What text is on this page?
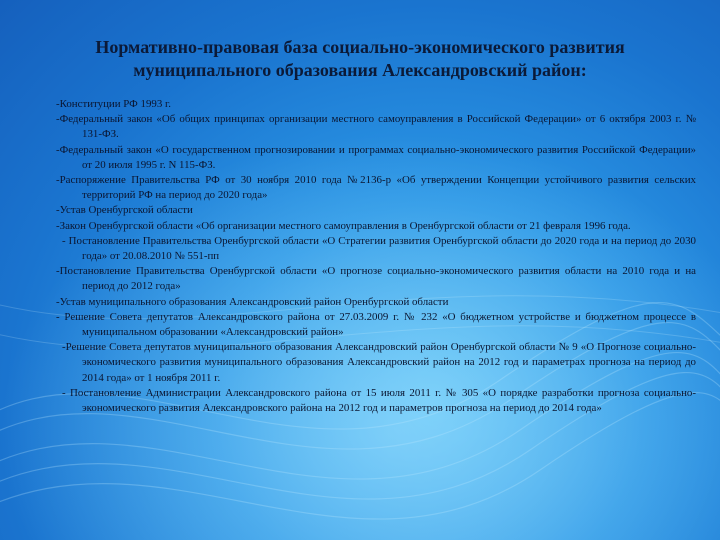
Нормативно-правовая база социально-экономического развития муниципального образования Александровский район:
-Конституции РФ 1993 г.
-Федеральный закон «Об общих принципах организации местного самоуправления в Российской Федерации» от 6 октября 2003 г. № 131-ФЗ.
-Федеральный закон «О государственном прогнозировании и программах социально-экономического развития Российской Федерации» от 20 июля 1995 г. N 115-ФЗ.
-Распоряжение Правительства РФ от 30 ноября 2010 года №2136-р «Об утверждении Концепции устойчивого развития сельских территорий РФ на период до 2020 года»
-Устав Оренбургской области
-Закон Оренбургской области «Об организации местного самоуправления в Оренбургской области от 21 февраля 1996 года.
- Постановление Правительства Оренбургской области «О Стратегии развития Оренбургской области до 2020 года и на период до 2030 года» от 20.08.2010 № 551-пп
-Постановление Правительства Оренбургской области «О прогнозе социально-экономического развития области на 2010 года и на период до 2012 года»
-Устав муниципального образования Александровский район Оренбургской области
- Решение Совета депутатов Александровского района от 27.03.2009 г. № 232 «О бюджетном устройстве и бюджетном процессе в муниципальном образовании «Александровский район»
-Решение Совета депутатов муниципального образования Александровский район Оренбургской области № 9 «О Прогнозе социально-экономического развития муниципального образования Александровский район на 2012 год и параметрах прогноза на период до 2014 года» от 1 ноября 2011 г.
- Постановление Администрации Александровского района от 15 июля 2011 г. № 305 «О порядке разработки прогноза социально-экономического развития Александровского района на 2012 год и параметров прогноза на период до 2014 года»
